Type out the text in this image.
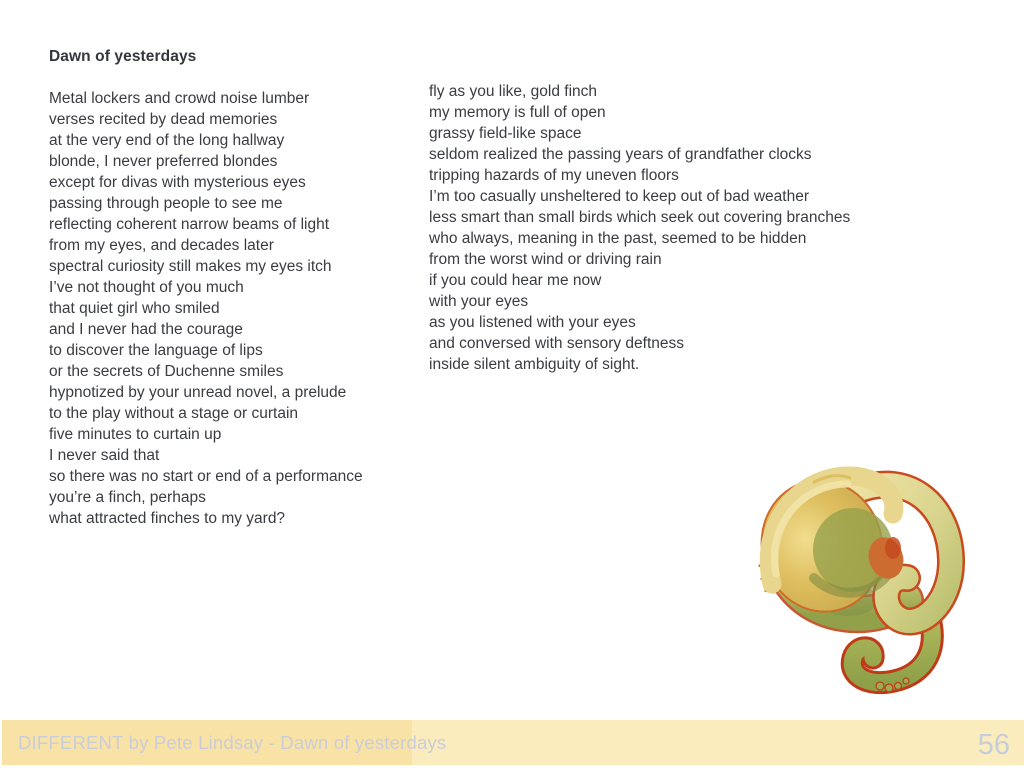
Dawn of yesterdays
Metal lockers and crowd noise lumber
verses recited by dead memories
at the very end of the long hallway
blonde, I never preferred blondes
except for divas with mysterious eyes
passing through people to see me
reflecting coherent narrow beams of light
from my eyes, and decades later
spectral curiosity still makes my eyes itch
I’ve not thought of you much
that quiet girl who smiled
and I never had the courage
to discover the language of lips
or the secrets of Duchenne smiles
hypnotized by your unread novel, a prelude
to the play without a stage or curtain
five minutes to curtain up
I never said that
so there was no start or end of a performance
you’re a finch, perhaps
what attracted finches to my yard?
fly as you like, gold finch
my memory is full of open
grassy field-like space
seldom realized the passing years of grandfather clocks
tripping hazards of my uneven floors
I’m too casually unsheltered to keep out of bad weather
less smart than small birds which seek out covering branches
who always, meaning in the past, seemed to be hidden
from the worst wind or driving rain
if you could hear me now
with your eyes
as you listened with your eyes
and conversed with sensory deftness
inside silent ambiguity of sight.
DIFFERENT by Pete Lindsay - Dawn of yesterdays	56
